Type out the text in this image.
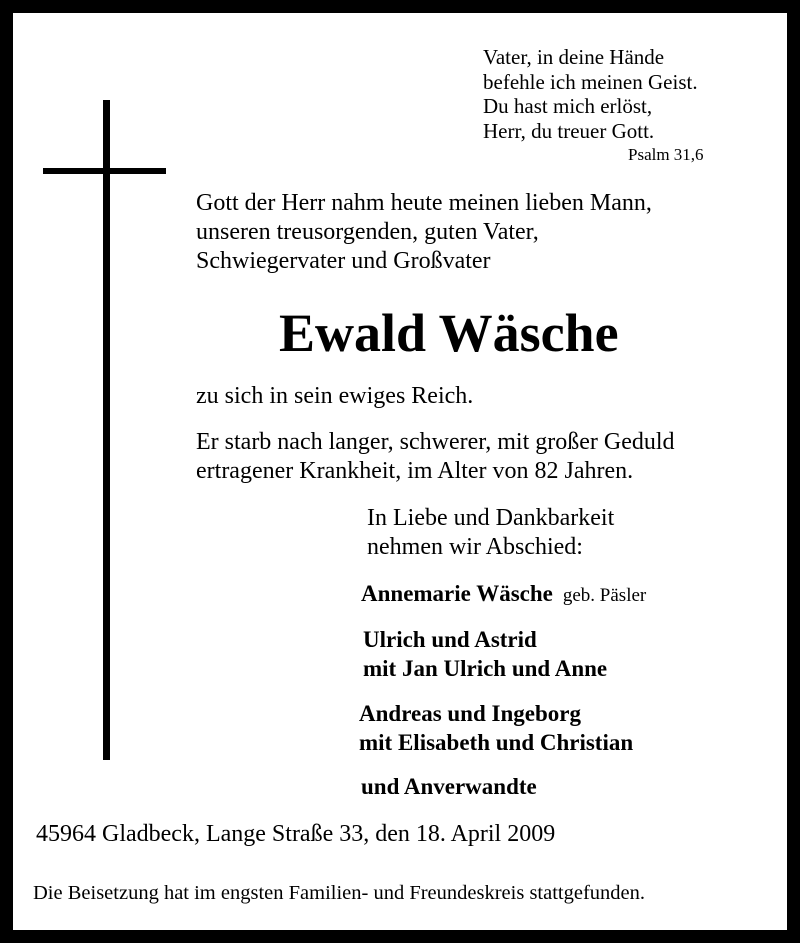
Vater, in deine Hände
befehle ich meinen Geist.
Du hast mich erlöst,
Herr, du treuer Gott.
Psalm 31,6
Gott der Herr nahm heute meinen lieben Mann,
unseren treusorgenden, guten Vater,
Schwiegervater und Großvater
Ewald Wäsche
zu sich in sein ewiges Reich.
Er starb nach langer, schwerer, mit großer Geduld
ertragener Krankheit, im Alter von 82 Jahren.
In Liebe und Dankbarkeit
nehmen wir Abschied:
Annemarie Wäsche geb. Päsler
Ulrich und Astrid
mit Jan Ulrich und Anne
Andreas und Ingeborg
mit Elisabeth und Christian
und Anverwandte
45964 Gladbeck, Lange Straße 33, den 18. April 2009
Die Beisetzung hat im engsten Familien- und Freundeskreis stattgefunden.
